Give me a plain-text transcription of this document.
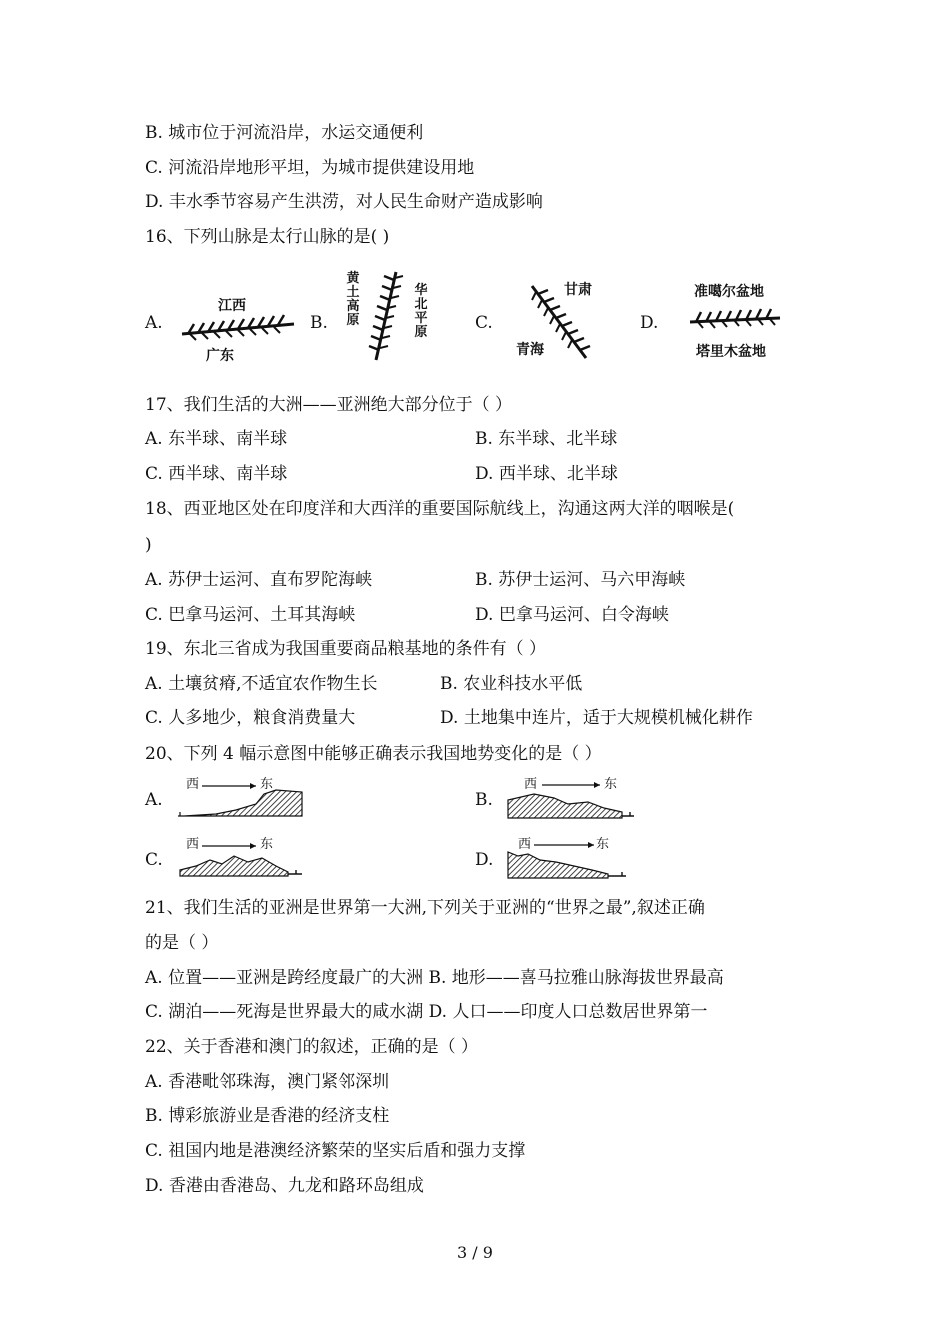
B. 城市位于河流沿岸，水运交通便利
C. 河流沿岸地形平坦，为城市提供建设用地
D. 丰水季节容易产生洪涝，对人民生命财产造成影响
16、下列山脉是太行山脉的是( )
A.
江西
广东
B.
黄土高原
华北平原	C.
甘肃
青海
D.
准噶尔盆地
塔里木盆地
17、我们生活的大洲——亚洲绝大部分位于（ ）
A. 东半球、南半球	B. 东半球、北半球
C. 西半球、南半球	D. 西半球、北半球
18、西亚地区处在印度洋和大西洋的重要国际航线上，沟通这两大洋的咽喉是(
)
A. 苏伊士运河、直布罗陀海峡	B. 苏伊士运河、马六甲海峡
C. 巴拿马运河、土耳其海峡	D. 巴拿马运河、白令海峡
19、东北三省成为我国重要商品粮基地的条件有（ ）
A. 土壤贫瘠,不适宜农作物生长	B. 农业科技水平低
C. 人多地少，粮食消费量大	D. 土地集中连片，适于大规模机械化耕作
20、下列 4 幅示意图中能够正确表示我国地势变化的是（ ）
A.
西	东
B.
西	东
C.
西	东
D.
西	东
21、我们生活的亚洲是世界第一大洲,下列关于亚洲的“世界之最”,叙述正确
的是（ ）
A. 位置——亚洲是跨经度最广的大洲 B. 地形——喜马拉雅山脉海拔世界最高
C. 湖泊——死海是世界最大的咸水湖 D. 人口——印度人口总数居世界第一
22、关于香港和澳门的叙述，正确的是（ ）
A. 香港毗邻珠海，澳门紧邻深圳
B. 博彩旅游业是香港的经济支柱
C. 祖国内地是港澳经济繁荣的坚实后盾和强力支撑
D. 香港由香港岛、九龙和路环岛组成
3 / 9
